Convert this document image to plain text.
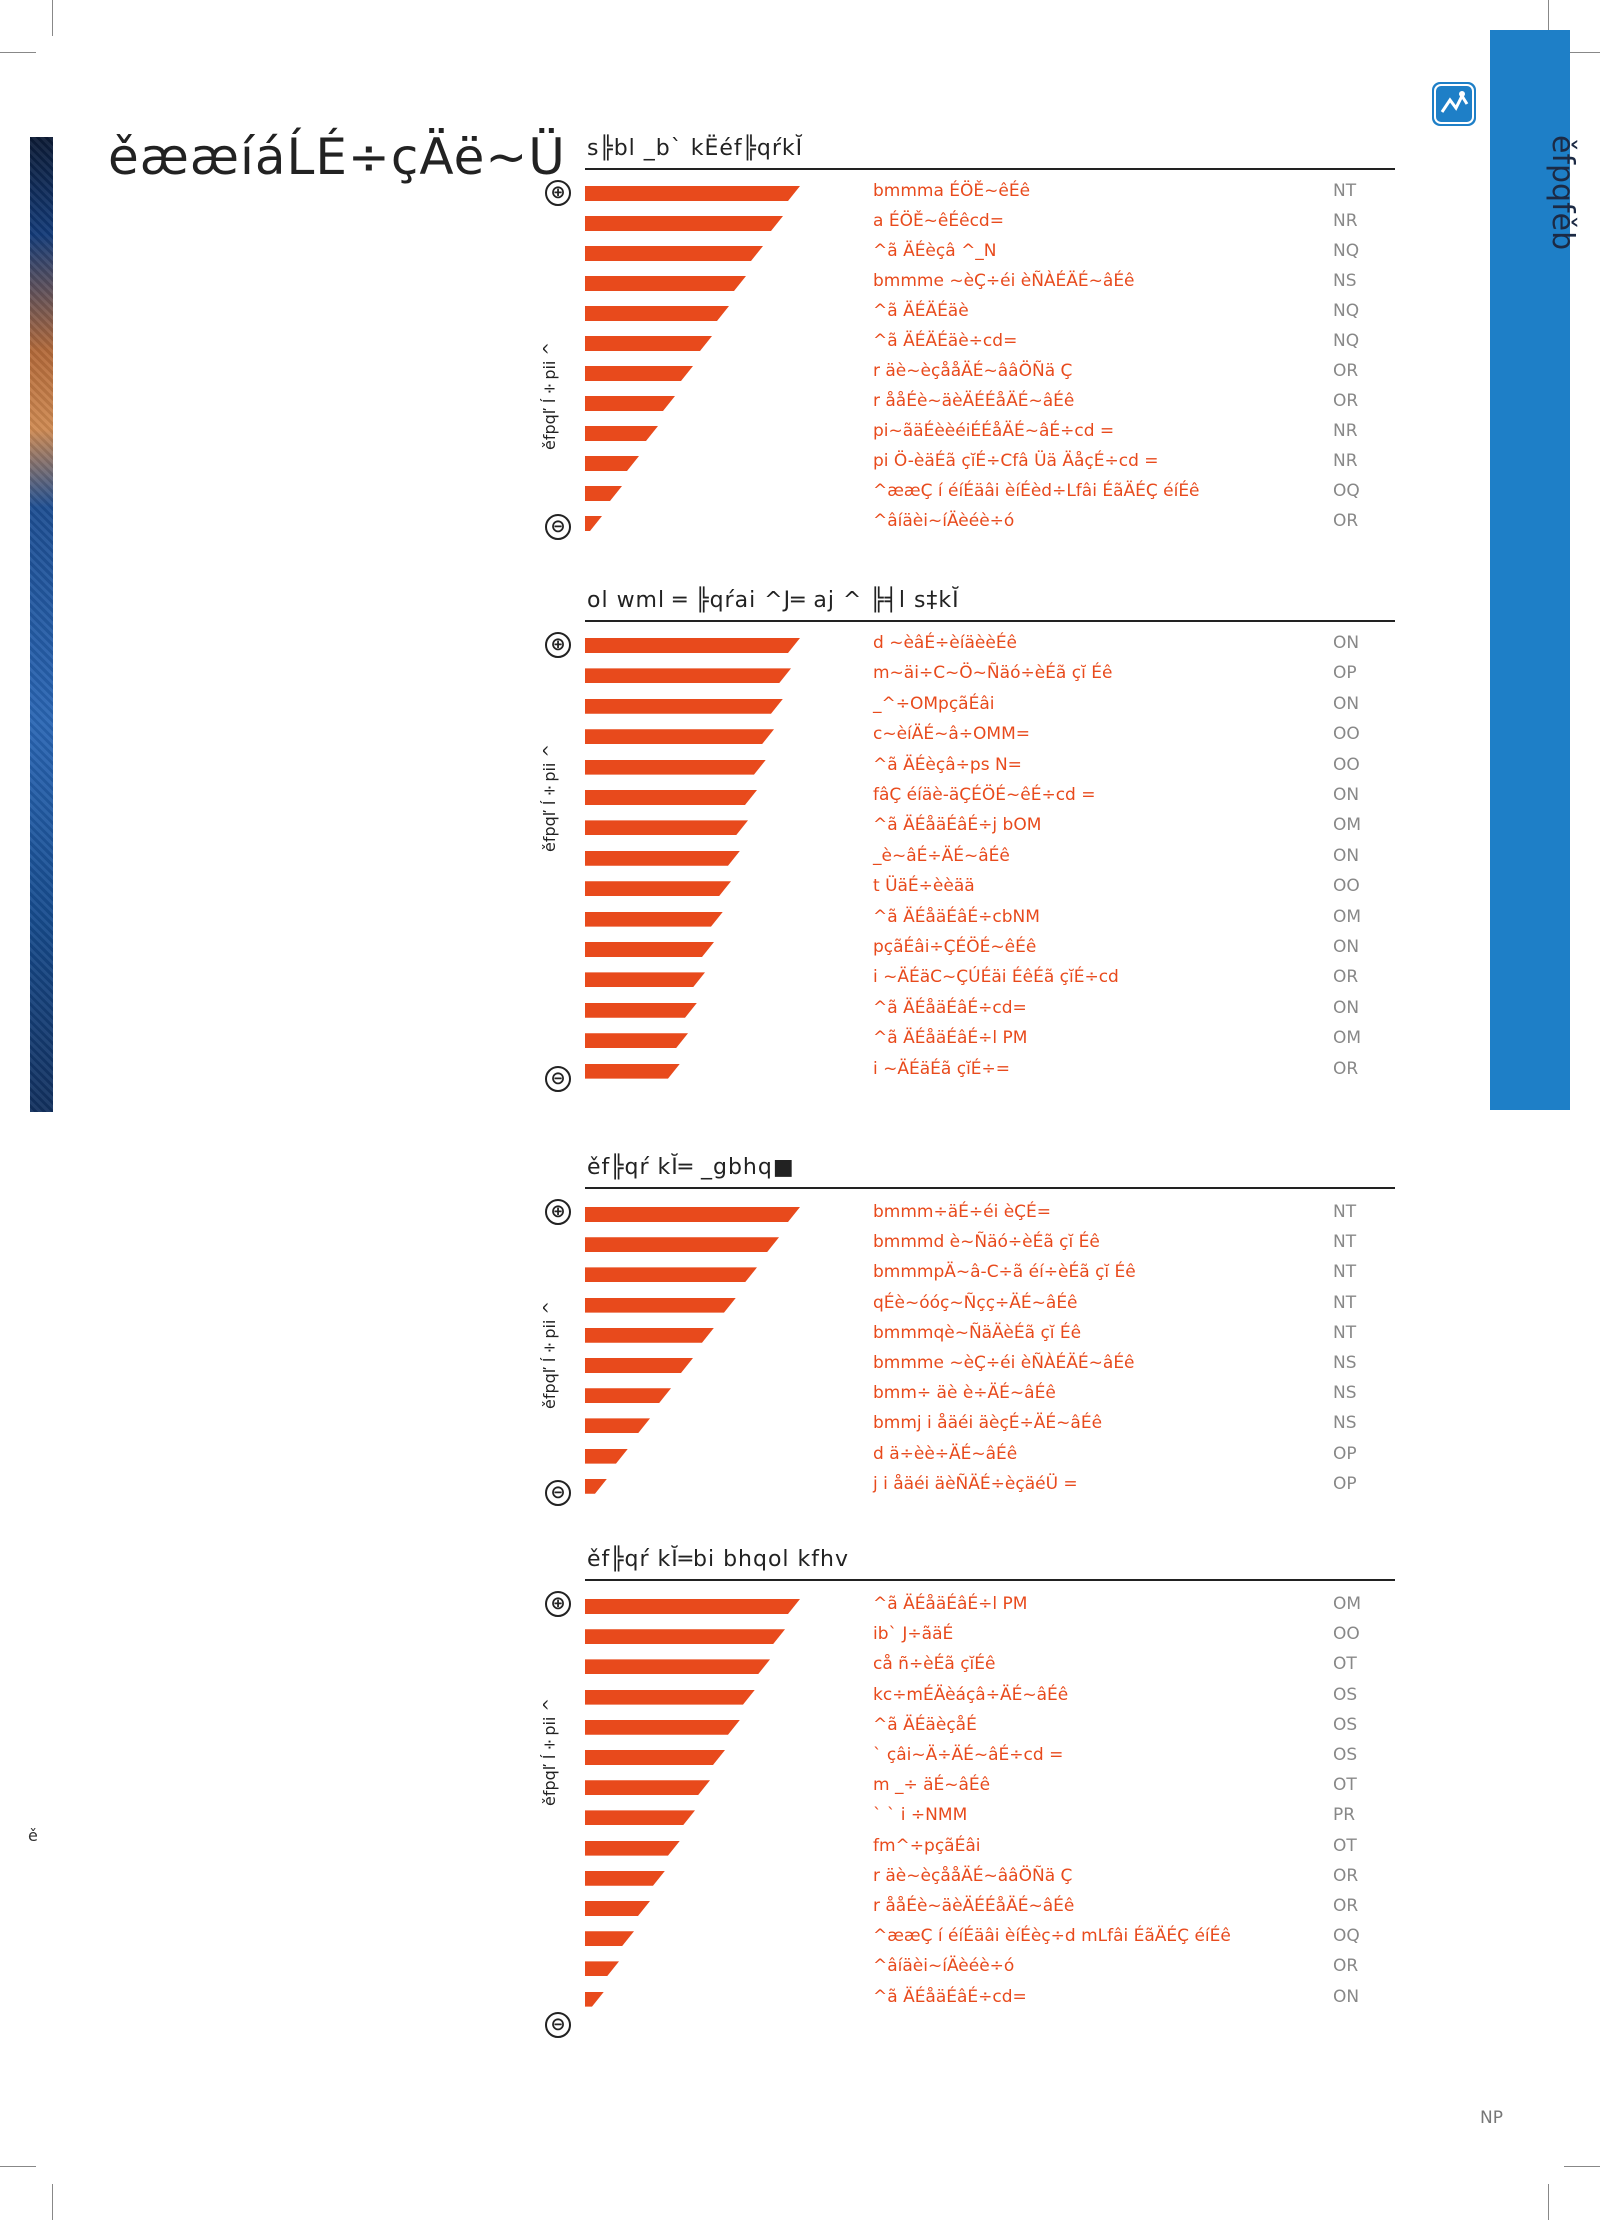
ěææíáĹÉ÷çÄë~Ü	ěfpqfěb
ě
NP
s╠bl _b` kËéf╠qŕkĬ
⊕
ěfpqľ ĺ÷pii ^
⊖
bmmma ÉÖĚ~êÉê	NT
a ÉÖĚ~êÉêcd=	NR
^ã ÄÉèçâ ^_N	NQ
bmmme ~èÇ÷éi èÑÀÉÄÉ~âÉê	NS
^ã ÄÉÄÉäè	NQ
^ã ÄÉÄÉäè÷cd=	NQ
r äè~èçååÄÉ~ââÖÑä Ç	OR
r ååÉè~äèÄÉÉåÄÉ~âÉê	OR
pi~ãäÉèèéiÉÉåÄÉ~âÉ÷cd =	NR
pi Ö-èäÉã çĭÉ÷Cfâ Üä ÄåçÉ÷cd =	NR
^ææÇ í éíÉäâi èíÉèd÷Lfâi ÉãÄÉÇ éíÉê	OQ
^âíäèi~íÄèéè÷ó	OR
ol wml ═ ╠qŕai ^J═ aj ^ ╠╡l s‡kĬ
⊕
ěfpqľ ĺ÷pii ^
⊖
d ~èâÉ÷èíäèèÉê	ON
m~äi÷C~Ö~Ñäó÷èÉã çĭ Éê	OP
_^÷OMpçãÉâi	ON
c~èíÄÉ~â÷OMM=	OO
^ã ÄÉèçâ÷ps N=	OO
fâÇ éíäè-äÇÉÖÉ~êÉ÷cd =	ON
^ã ÄÉåäÉâÉ÷j bOM	OM
_è~âÉ÷ÄÉ~âÉê	ON
t ÜäÉ÷èèää	OO
^ã ÄÉåäÉâÉ÷cbNM	OM
pçãÉâi÷ÇÉÖÉ~êÉê	ON
i ~ÄÉäC~ÇÚÉäi ÉêÉã çĭÉ÷cd	OR
^ã ÄÉåäÉâÉ÷cd=	ON
^ã ÄÉåäÉâÉ÷l PM	OM
i ~ÄÉäÉã çĭÉ÷=	OR
ěf╠qŕ kĬ═ _gbhq■
⊕
ěfpqľ ĺ÷pii ^
⊖
bmmm÷äÉ÷éi èÇÉ=	NT
bmmmd è~Ñäó÷èÉã çĭ Éê	NT
bmmmpÄ~â-C÷ã éí÷èÉã çĭ Éê	NT
qÉè~óóç~Ñçç÷ÄÉ~âÉê	NT
bmmmqè~ÑäÄèÉã çĭ Éê	NT
bmmme ~èÇ÷éi èÑÀÉÄÉ~âÉê	NS
bmm÷ äè è÷ÄÉ~âÉê	NS
bmmj i åäéi äèçÉ÷ÄÉ~âÉê	NS
d ä÷èè÷ÄÉ~âÉê	OP
j i åäéi äèÑÄÉ÷èçäéÜ =	OP
ěf╠qŕ kĬ═bi bhqol kfhv
⊕
ěfpqľ ĺ÷pii ^
⊖
^ã ÄÉåäÉâÉ÷l PM	OM
ib` J÷ãäÉ	OO
cå ñ÷èÉã çĭÉê	OT
kc÷mÉÄèáçâ÷ÄÉ~âÉê	OS
^ã ÄÉäèçåÉ	OS
` çâi~Ä÷ÄÉ~âÉ÷cd =	OS
m _÷ äÉ~âÉê	OT
` ` i ÷NMM	PR
fm^÷pçãÉâi	OT
r äè~èçååÄÉ~ââÖÑä Ç	OR
r ååÉè~äèÄÉÉåÄÉ~âÉê	OR
^ææÇ í éíÉäâi èíÉèç÷d mLfâi ÉãÄÉÇ éíÉê	OQ
^âíäèi~íÄèéè÷ó	OR
^ã ÄÉåäÉâÉ÷cd=	ON
